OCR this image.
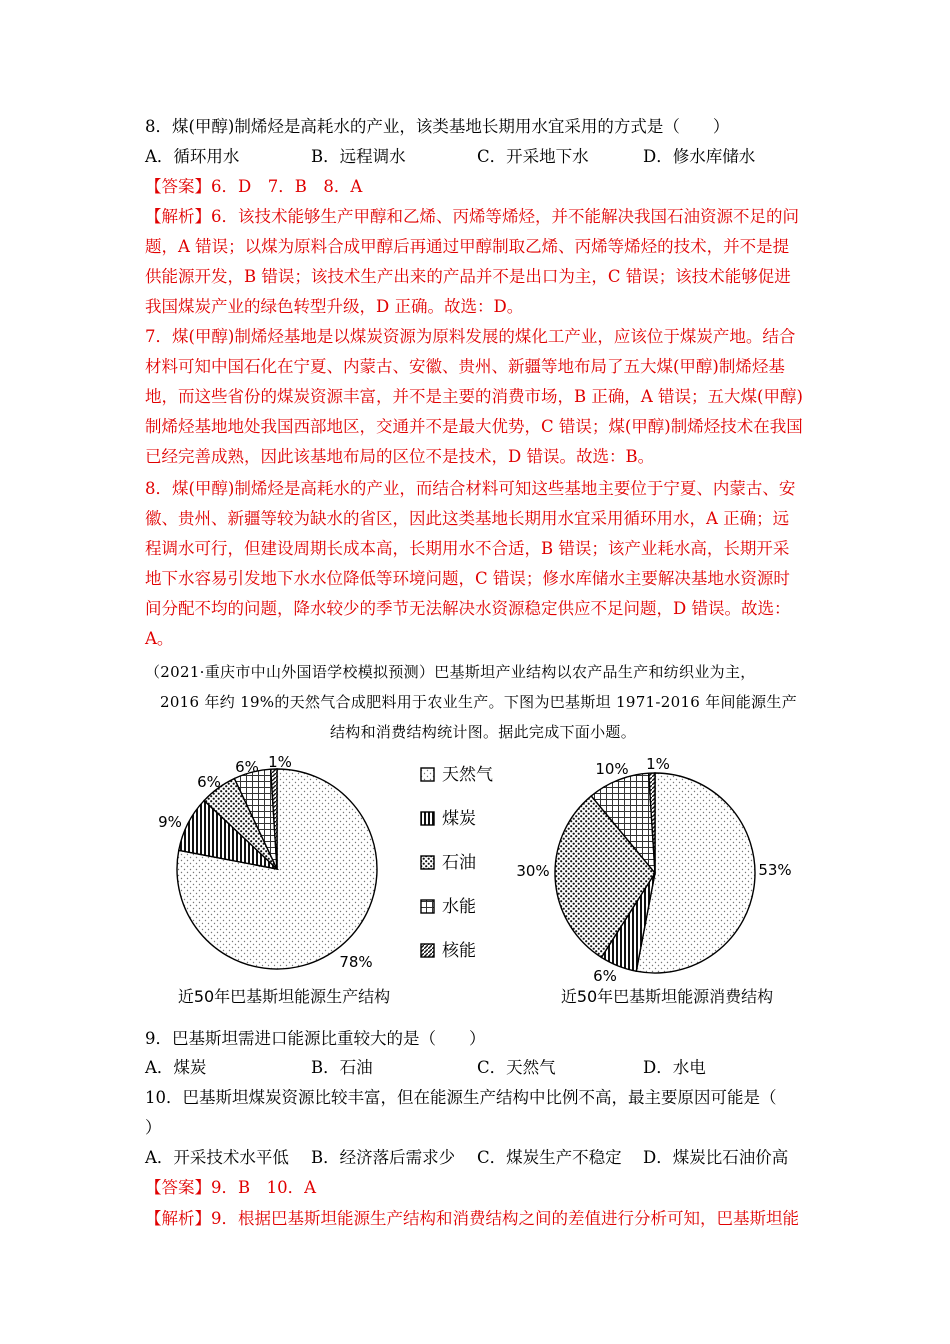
8．煤(甲醇)制烯烃是高耗水的产业，该类基地长期用水宜采用的方式是（　　）
A．循环用水	B．远程调水	C．开采地下水	D．修水库储水
【答案】6．D　7．B　8．A
【解析】6．该技术能够生产甲醇和乙烯、丙烯等烯烃，并不能解决我国石油资源不足的问
题，A 错误；以煤为原料合成甲醇后再通过甲醇制取乙烯、丙烯等烯烃的技术，并不是提
供能源开发，B 错误；该技术生产出来的产品并不是出口为主，C 错误；该技术能够促进
我国煤炭产业的绿色转型升级，D 正确。故选：D。
7．煤(甲醇)制烯烃基地是以煤炭资源为原料发展的煤化工产业，应该位于煤炭产地。结合
材料可知中国石化在宁夏、内蒙古、安徽、贵州、新疆等地布局了五大煤(甲醇)制烯烃基
地，而这些省份的煤炭资源丰富，并不是主要的消费市场，B 正确，A 错误；五大煤(甲醇)
制烯烃基地地处我国西部地区，交通并不是最大优势，C 错误；煤(甲醇)制烯烃技术在我国
已经完善成熟，因此该基地布局的区位不是技术，D 错误。故选：B。
8．煤(甲醇)制烯烃是高耗水的产业，而结合材料可知这些基地主要位于宁夏、内蒙古、安
徽、贵州、新疆等较为缺水的省区，因此这类基地长期用水宜采用循环用水，A 正确；远
程调水可行，但建设周期长成本高，长期用水不合适，B 错误；该产业耗水高，长期开采
地下水容易引发地下水水位降低等环境问题，C 错误；修水库储水主要解决基地水资源时
间分配不均的问题，降水较少的季节无法解决水资源稳定供应不足问题，D 错误。故选：
A。
（2021·重庆市中山外国语学校模拟预测）巴基斯坦产业结构以农产品生产和纺织业为主，
2016 年约 19%的天然气合成肥料用于农业生产。下图为巴基斯坦 1971-2016 年间能源生产
结构和消费结构统计图。据此完成下面小题。
78%
9%
6%
6% 1%
53%
6%
30%
10% 1%
天然气
煤炭
石油
水能
核能
近50年巴基斯坦能源生产结构	近50年巴基斯坦能源消费结构
9．巴基斯坦需进口能源比重较大的是（　　）
A．煤炭	B．石油	C．天然气	D．水电
10．巴基斯坦煤炭资源比较丰富，但在能源生产结构中比例不高，最主要原因可能是（
）
A．开采技术水平低 B．经济落后需求少 C．煤炭生产不稳定 D．煤炭比石油价高
【答案】9．B　10．A
【解析】9．根据巴基斯坦能源生产结构和消费结构之间的差值进行分析可知，巴基斯坦能
